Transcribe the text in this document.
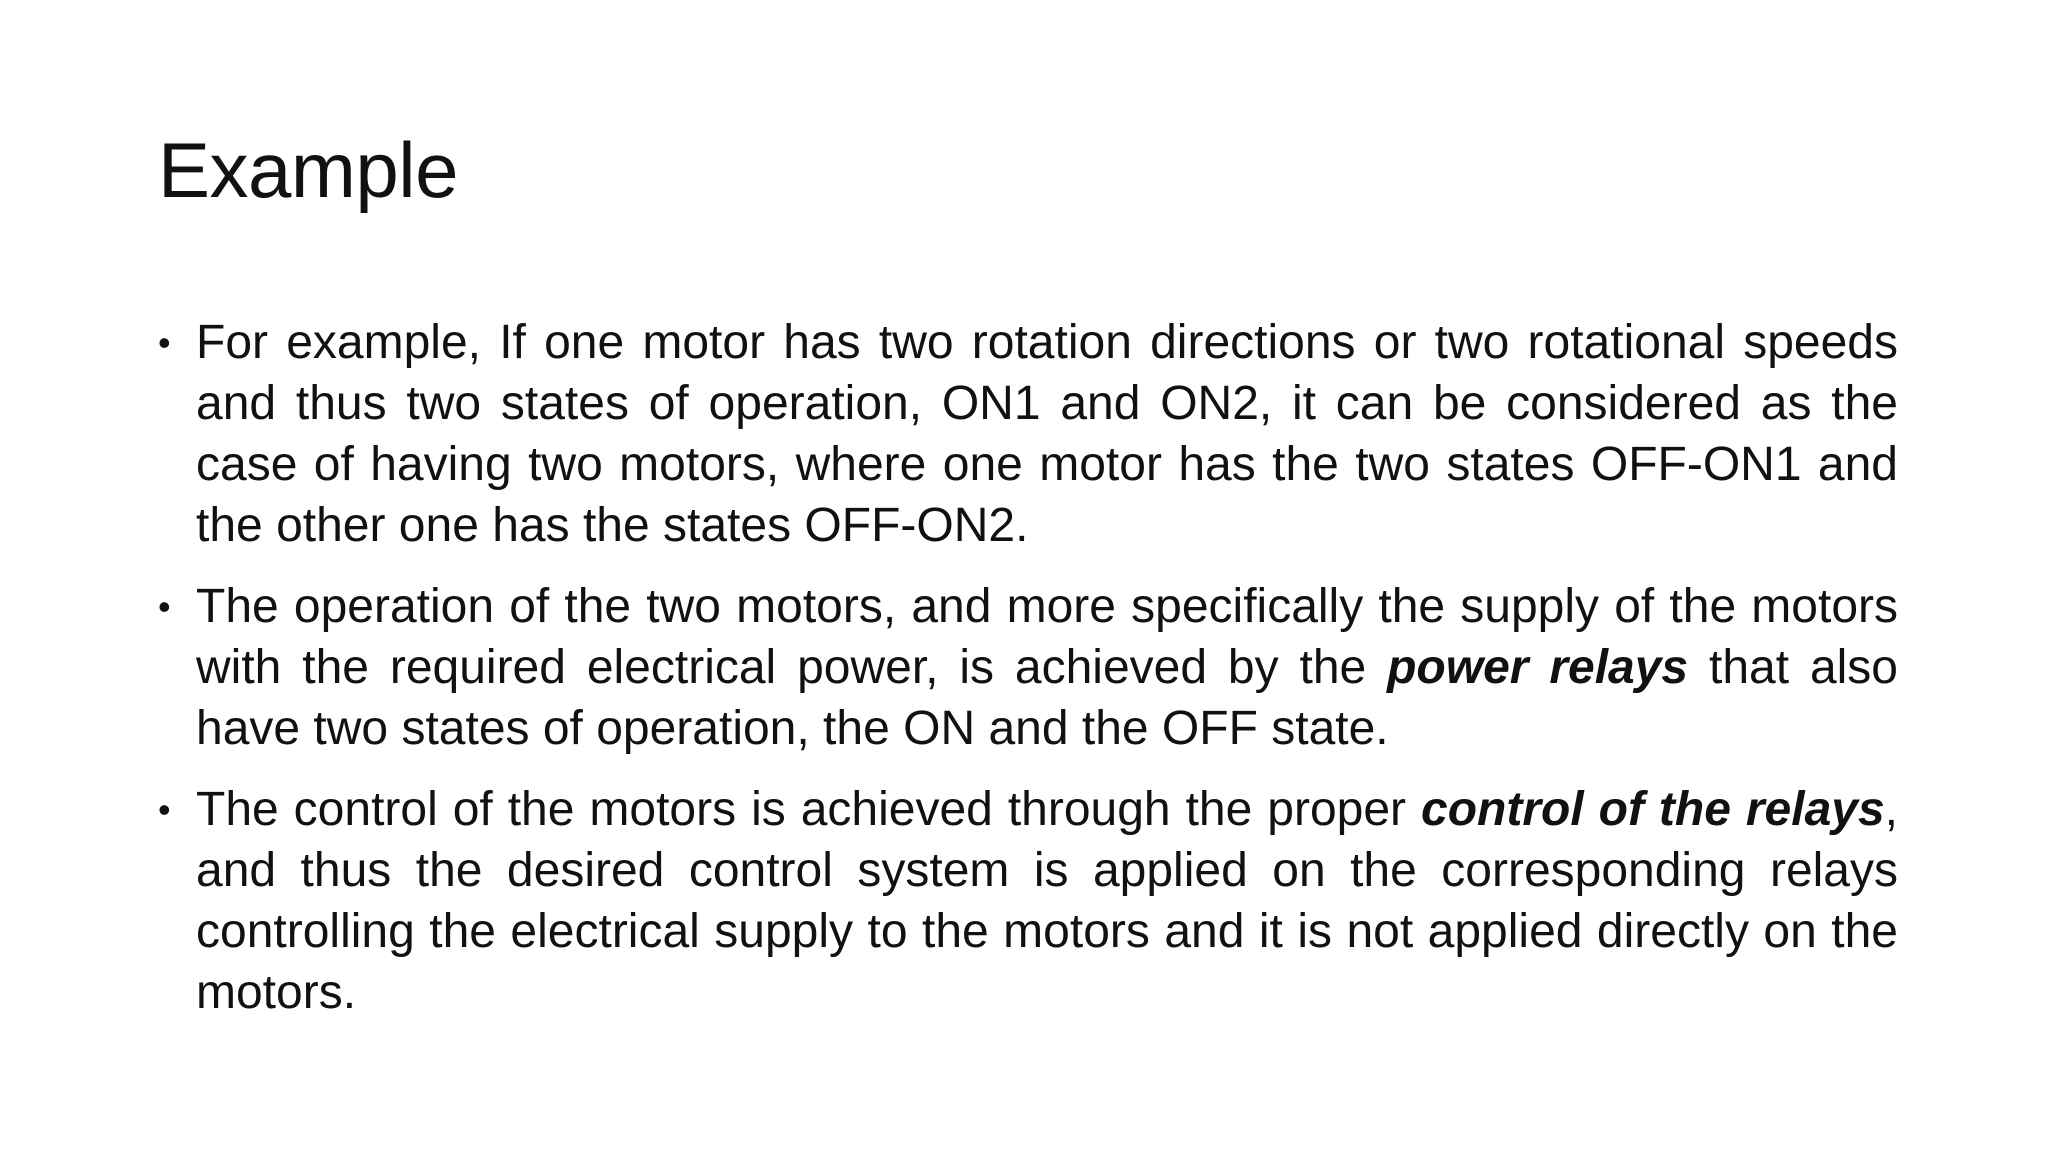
Example
• For example, If one motor has two rotation directions or two rotational speeds and thus two states of operation, ON1 and ON2, it can be considered as the case of having two motors, where one motor has the two states OFF-ON1 and the other one has the states OFF-ON2.
• The operation of the two motors, and more specifically the supply of the motors with the required electrical power, is achieved by the power relays that also have two states of operation, the ON and the OFF state.
• The control of the motors is achieved through the proper control of the relays, and thus the desired control system is applied on the corresponding relays controlling the electrical supply to the motors and it is not applied directly on the motors.
